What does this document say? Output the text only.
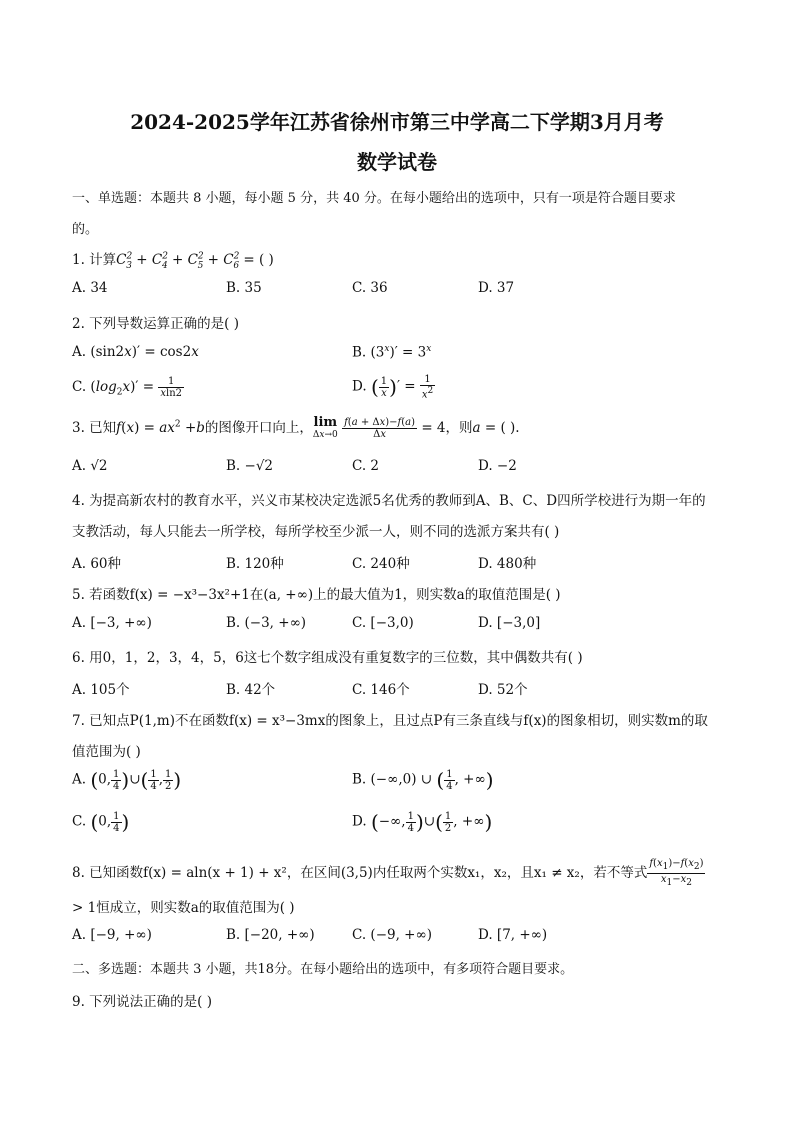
2024-2025学年江苏省徐州市第三中学高二下学期3月月考
数学试卷
一、单选题：本题共 8 小题，每小题 5 分，共 40 分。在每小题给出的选项中，只有一项是符合题目要求
的。
1. 计算$C^2_3 + C^2_4 + C^2_5 + C^2_6$ = ( )
A. 34	B. 35	C. 36	D. 37
2. 下列导数运算正确的是( )
A. (sin2x)′ = cos2x	B. $(3^x)' = 3^x$
C. $(\log_2x)' = \frac{1}{xln2}$	D. ( $\frac{1}{x}$ )′ = $\frac{1}{x^2}$
3. 已知$f(x) = ax^2 +b$的图像开口向上，lim
Δx→0
$\frac{f(a + \Delta x)-f(a)}{\Delta x} = 4$，则a = ( ).
A. √2	B. −√2	C. 2	D. −2
4. 为提高新农村的教育水平，兴义市某校决定选派5名优秀的教师到A、B、C、D四所学校进行为期一年的
支教活动，每人只能去一所学校，每所学校至少派一人，则不同的选派方案共有( )
A. 60种	B. 120种	C. 240种	D. 480种
5. 若函数f(x) = −x³−3x²+1在(a, +∞)上的最大值为1，则实数a的取值范围是( )
A. [−3, +∞)	B. (−3, +∞)	C. [−3,0)	D. [−3,0]
6. 用0，1，2，3，4，5，6这七个数字组成没有重复数字的三位数，其中偶数共有( )
A. 105个	B. 42个	C. 146个	D. 52个
7. 已知点P(1,m)不在函数f(x) = x³−3mx的图象上，且过点P有三条直线与f(x)的图象相切，则实数m的取
值范围为( )
A. (0, $\frac{1}{4}$ )∪( $\frac{1}{4}$ , $\frac{1}{2}$ )	B. (−∞,0) ∪ ( $\frac{1}{4}$ , +∞)
C. (0, $\frac{1}{4}$ )	D. (−∞, $\frac{1}{4}$ )∪( $\frac{1}{2}$ , +∞)
8. 已知函数f(x) = aln(x + 1) + x²，在区间(3,5)内任取两个实数x₁，x₂，且x₁ ≠ x₂，若不等式 $\frac{f(x_1)-f(x_2)}{x_1-x_2}$
> 1恒成立，则实数a的取值范围为( )
A. [−9, +∞)	B. [−20, +∞)	C. (−9, +∞)	D. [7, +∞)
二、多选题：本题共 3 小题，共18分。在每小题给出的选项中，有多项符合题目要求。
9. 下列说法正确的是( )
